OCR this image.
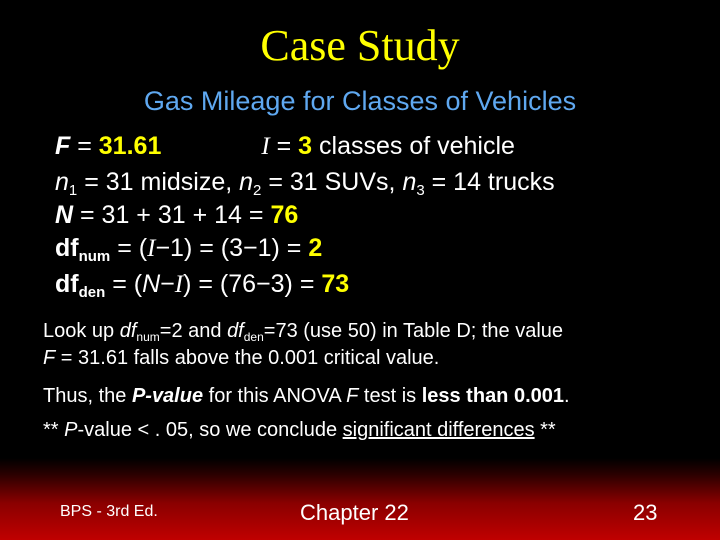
Case Study
Gas Mileage for Classes of Vehicles
F = 31.61	I = 3 classes of vehicle
$n_1 = 31$ midsize, $n_2 = 31$ SUVs, $n_3 = 14$ trucks
N = 31 + 31 + 14 = 76
$df_{num} = (I-1) = (3-1) = 2$
$df_{den} = (N-I) = (76-3) = 73$
Look up $df_{num}=2$ and $df_{den}=73$ (use 50) in Table D; the value
F = 31.61 falls above the 0.001 critical value.
Thus, the P-value for this ANOVA F test is less than 0.001.
** P-value < . 05, so we conclude significant differences **
BPS - 3rd Ed.	Chapter 22	23
